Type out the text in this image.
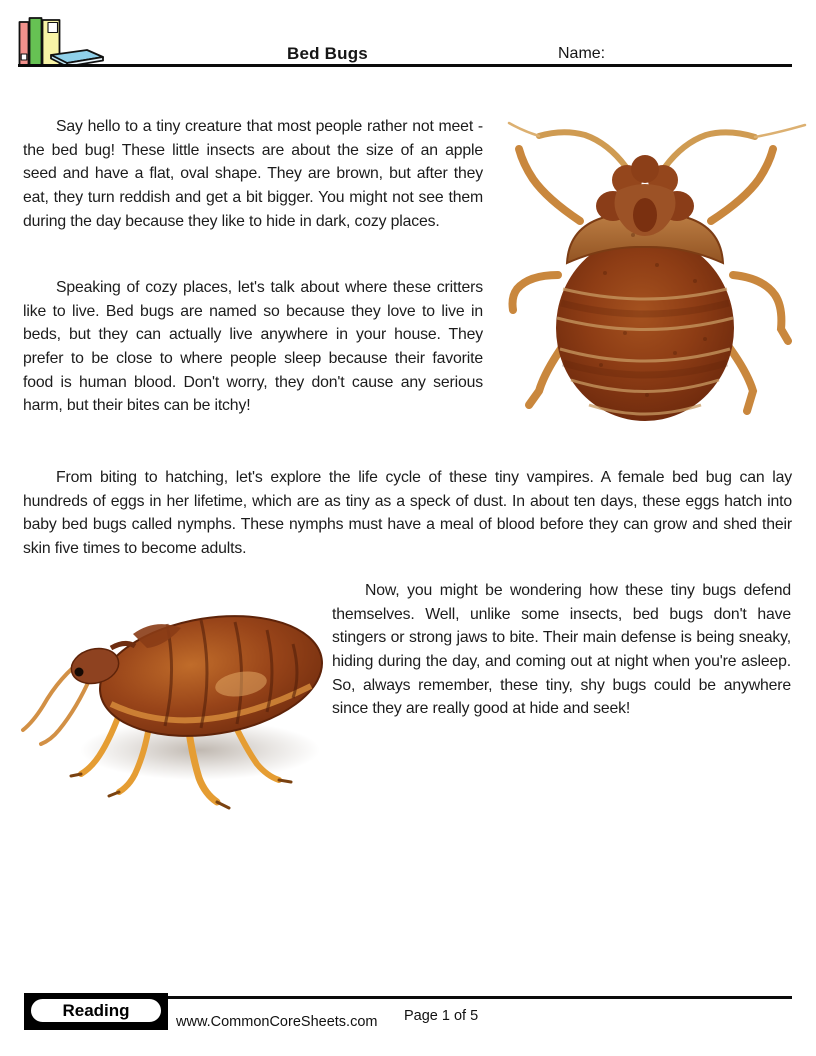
Bed Bugs	Name:

Say hello to a tiny creature that most people rather not meet - the bed bug! These little insects are about the size of an apple seed and have a flat, oval shape. They are brown, but after they eat, they turn reddish and get a bit bigger. You might not see them during the day because they like to hide in dark, cozy places.

Speaking of cozy places, let's talk about where these critters like to live. Bed bugs are named so because they love to live in beds, but they can actually live anywhere in your house. They prefer to be close to where people sleep because their favorite food is human blood. Don't worry, they don't cause any serious harm, but their bites can be itchy!

From biting to hatching, let's explore the life cycle of these tiny vampires. A female bed bug can lay hundreds of eggs in her lifetime, which are as tiny as a speck of dust. In about ten days, these eggs hatch into baby bed bugs called nymphs. These nymphs must have a meal of blood before they can grow and shed their skin five times to become adults.

Now, you might be wondering how these tiny bugs defend themselves. Well, unlike some insects, bed bugs don't have stingers or strong jaws to bite. Their main defense is being sneaky, hiding during the day, and coming out at night when you're asleep. So, always remember, these tiny, shy bugs could be anywhere since they are really good at hide and seek!

Reading
www.CommonCoreSheets.com Page 1 of 5
